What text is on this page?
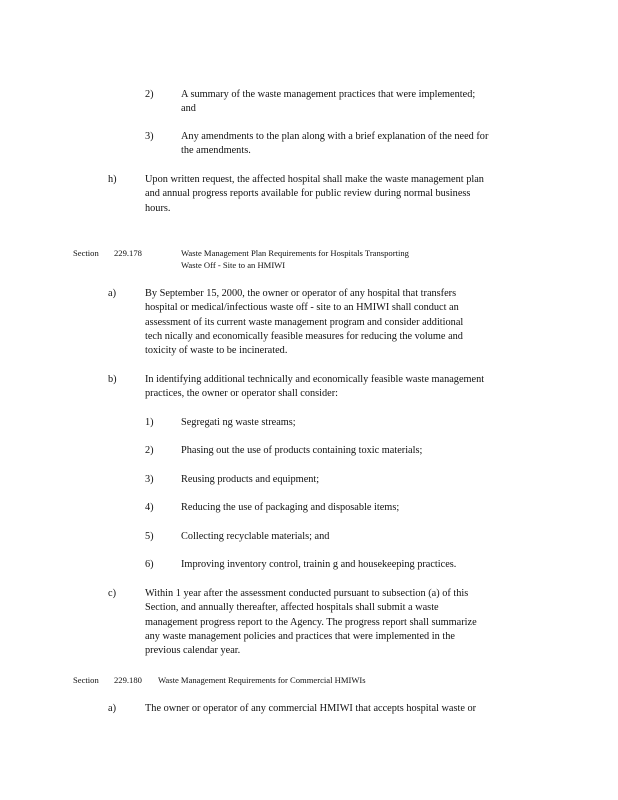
2)	A summary of the waste management practices that were implemented;
and
3)	Any amendments to the plan along with a brief explanation of the need for
the amendments.
h)	Upon written request, the affected hospital shall make the waste management plan
and annual progress reports available for public review during normal business
hours.
Section 229.178	Waste Management Plan Requirements for Hospitals Transporting
Waste Off - Site to an HMIWI
a)	By September 15, 2000, the owner or operator of any hospital that transfers
hospital or medical/infectious waste off - site to an HMIWI shall conduct an
assessment of its current waste management program and consider additional
tech nically and economically feasible measures for reducing the volume and
toxicity of waste to be incinerated.
b)	In identifying additional technically and economically feasible waste management
practices, the owner or operator shall consider:
1)	Segregati ng waste streams;
2)	Phasing out the use of products containing toxic materials;
3)	Reusing products and equipment;
4)	Reducing the use of packaging and disposable items;
5)	Collecting recyclable materials; and
6)	Improving inventory control, trainin g and housekeeping practices.
c)	Within 1 year after the assessment conducted pursuant to subsection (a) of this
Section, and annually thereafter, affected hospitals shall submit a waste
management progress report to the Agency. The progress report shall summarize
any waste management policies and practices that were implemented in the
previous calendar year.
Section 229.180 Waste Management Requirements for Commercial HMIWIs
a)	The owner or operator of any commercial HMIWI that accepts hospital waste or
